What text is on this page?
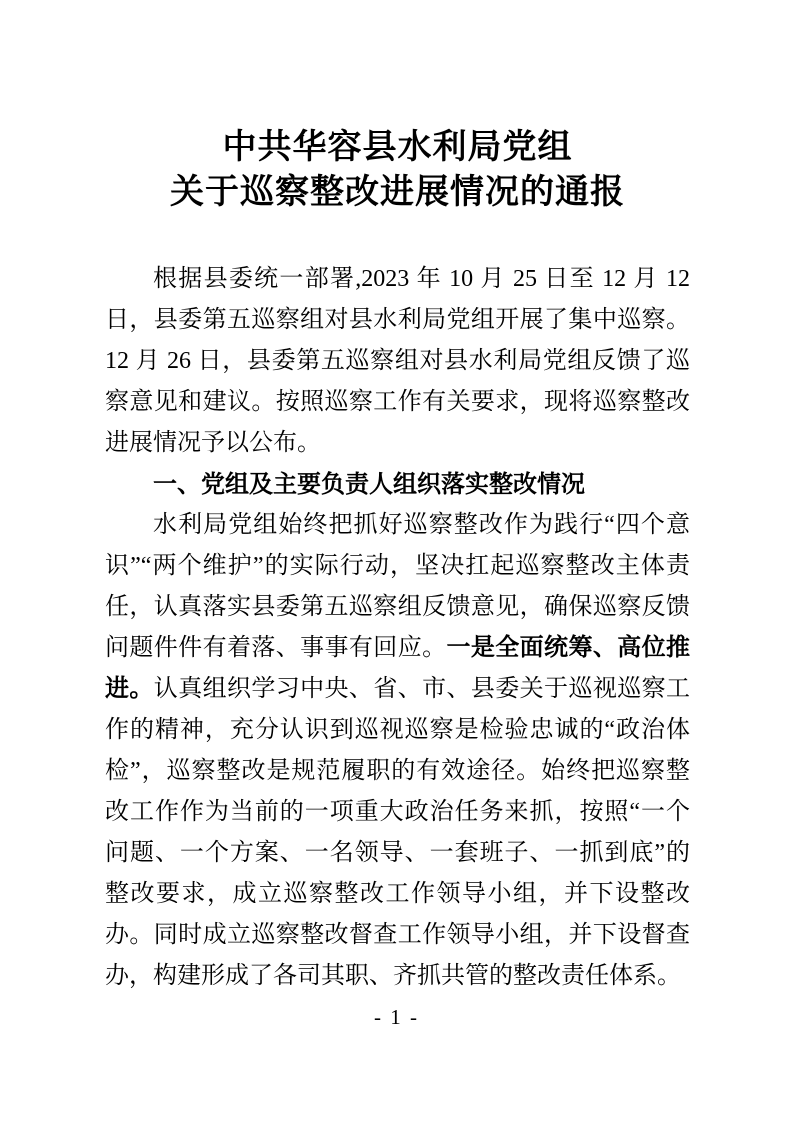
中共华容县水利局党组
关于巡察整改进展情况的通报

根据县委统一部署,2023 年 10 月 25 日至 12 月 12 日，县委第五巡察组对县水利局党组开展了集中巡察。12 月 26 日，县委第五巡察组对县水利局党组反馈了巡察意见和建议。按照巡察工作有关要求，现将巡察整改进展情况予以公布。

一、党组及主要负责人组织落实整改情况

水利局党组始终把抓好巡察整改作为践行“四个意识”“两个维护”的实际行动，坚决扛起巡察整改主体责任，认真落实县委第五巡察组反馈意见，确保巡察反馈问题件件有着落、事事有回应。一是全面统筹、高位推进。认真组织学习中央、省、市、县委关于巡视巡察工作的精神，充分认识到巡视巡察是检验忠诚的“政治体检”，巡察整改是规范履职的有效途径。始终把巡察整改工作作为当前的一项重大政治任务来抓，按照“一个问题、一个方案、一名领导、一套班子、一抓到底”的整改要求，成立巡察整改工作领导小组，并下设整改办。同时成立巡察整改督查工作领导小组，并下设督查办，构建形成了各司其职、齐抓共管的整改责任体系。

- 1 -
